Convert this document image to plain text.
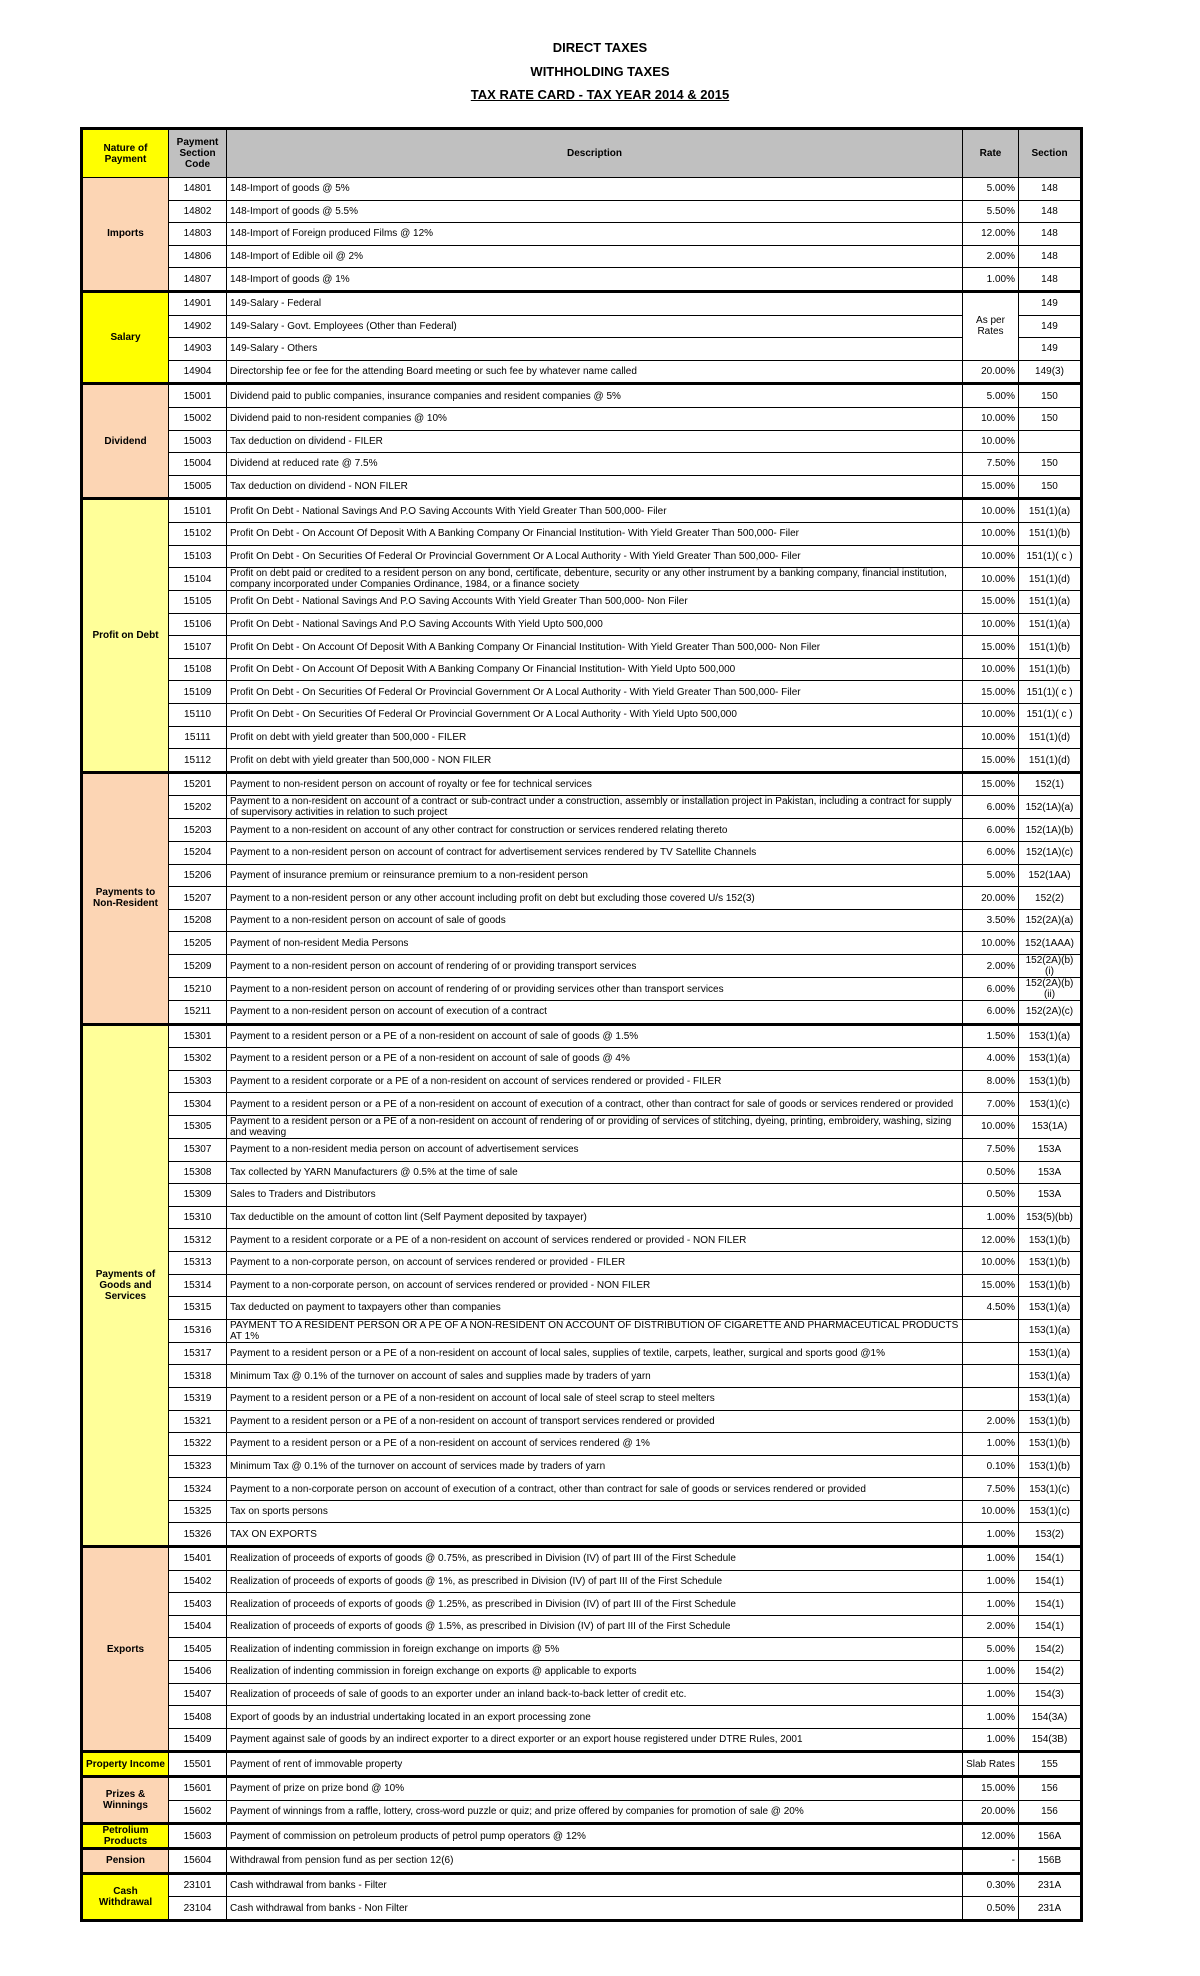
DIRECT TAXES
WITHHOLDING TAXES
TAX RATE CARD - TAX YEAR 2014 & 2015
Nature of Payment	Payment Section Code	Description	Rate	Section
Imports	14801	148-Import of goods @ 5%	5.00%	148
	14802	148-Import of goods @ 5.5%	5.50%	148
	14803	148-Import of Foreign produced Films @ 12%	12.00%	148
	14806	148-Import of Edible oil @ 2%	2.00%	148
	14807	148-Import of goods @ 1%	1.00%	148
Salary	14901	149-Salary - Federal	As per Rates	149
	14902	149-Salary - Govt. Employees (Other than Federal)		149
	14903	149-Salary - Others		149
	14904	Directorship fee or fee for the attending Board meeting or such fee by whatever name called	20.00%	149(3)
Dividend	15001	Dividend paid to public companies, insurance companies and resident companies @ 5%	5.00%	150
	15002	Dividend paid to non-resident companies @ 10%	10.00%	150
	15003	Tax deduction on dividend - FILER	10.00%	
	15004	Dividend at reduced rate @ 7.5%	7.50%	150
	15005	Tax deduction on dividend - NON FILER	15.00%	150
Profit on Debt	15101	Profit On Debt - National Savings And P.O Saving Accounts With Yield Greater Than 500,000- Filer	10.00%	151(1)(a)
	15102	Profit On Debt - On Account Of Deposit With A Banking Company Or Financial Institution- With Yield Greater Than 500,000- Filer	10.00%	151(1)(b)
	15103	Profit On Debt - On Securities Of Federal Or Provincial Government Or A Local Authority - With Yield Greater Than 500,000- Filer	10.00%	151(1)( c )
	15104	Profit on debt paid or credited to a resident person on any bond, certificate, debenture, security or any other instrument by a banking company, financial institution, company incorporated under Companies Ordinance, 1984, or a finance society	10.00%	151(1)(d)
	15105	Profit On Debt - National Savings And P.O Saving Accounts With Yield Greater Than 500,000- Non Filer	15.00%	151(1)(a)
	15106	Profit On Debt - National Savings And P.O Saving Accounts With Yield Upto 500,000	10.00%	151(1)(a)
	15107	Profit On Debt - On Account Of Deposit With A Banking Company Or Financial Institution- With Yield Greater Than 500,000- Non Filer	15.00%	151(1)(b)
	15108	Profit On Debt - On Account Of Deposit With A Banking Company Or Financial Institution- With Yield Upto 500,000	10.00%	151(1)(b)
	15109	Profit On Debt - On Securities Of Federal Or Provincial Government Or A Local Authority - With Yield Greater Than 500,000- Filer	15.00%	151(1)( c )
	15110	Profit On Debt - On Securities Of Federal Or Provincial Government Or A Local Authority - With Yield Upto 500,000	10.00%	151(1)( c )
	15111	Profit on debt with yield greater than 500,000 - FILER	10.00%	151(1)(d)
	15112	Profit on debt with yield greater than 500,000 - NON FILER	15.00%	151(1)(d)
Payments to Non-Resident	15201	Payment to non-resident person on account of royalty or fee for technical services	15.00%	152(1)
	15202	Payment to a non-resident on account of a contract or sub-contract under a construction, assembly or installation project in Pakistan, including a contract for supply of supervisory activities in relation to such project	6.00%	152(1A)(a)
	15203	Payment to a non-resident on account of any other contract for construction or services rendered relating thereto	6.00%	152(1A)(b)
	15204	Payment to a non-resident person on account of contract for advertisement services rendered by TV Satellite Channels	6.00%	152(1A)(c)
	15206	Payment of insurance premium or reinsurance premium to a non-resident person	5.00%	152(1AA)
	15207	Payment to a non-resident person or any other account including profit on debt but excluding those covered U/s 152(3)	20.00%	152(2)
	15208	Payment to a non-resident person on account of sale of goods	3.50%	152(2A)(a)
	15205	Payment of non-resident Media Persons	10.00%	152(1AAA)
	15209	Payment to a non-resident person on account of rendering of or providing transport services	2.00%	152(2A)(b)(i)
	15210	Payment to a non-resident person on account of rendering of or providing services other than transport services	6.00%	152(2A)(b)(ii)
	15211	Payment to a non-resident person on account of execution of a contract	6.00%	152(2A)(c)
Payments of Goods and Services	15301	Payment to a resident person or a PE of a non-resident on account of sale of goods @ 1.5%	1.50%	153(1)(a)
	15302	Payment to a resident person or a PE of a non-resident on account of sale of goods @ 4%	4.00%	153(1)(a)
	15303	Payment to a resident corporate or a PE of a non-resident on account of services rendered or provided - FILER	8.00%	153(1)(b)
	15304	Payment to a resident person or a PE of a non-resident on account of execution of a contract, other than contract for sale of goods or services rendered or provided	7.00%	153(1)(c)
	15305	Payment to a resident person or a PE of a non-resident on account of rendering of or providing of services of stitching, dyeing, printing, embroidery, washing, sizing and weaving	10.00%	153(1A)
	15307	Payment to a non-resident media person on account of advertisement services	7.50%	153A
	15308	Tax collected by YARN Manufacturers @ 0.5% at the time of sale	0.50%	153A
	15309	Sales to Traders and Distributors	0.50%	153A
	15310	Tax deductible on the amount of cotton lint (Self Payment deposited by taxpayer)	1.00%	153(5)(bb)
	15312	Payment to a resident corporate or a PE of a non-resident on account of services rendered or provided - NON FILER	12.00%	153(1)(b)
	15313	Payment to a non-corporate person, on account of services rendered or provided - FILER	10.00%	153(1)(b)
	15314	Payment to a non-corporate person, on account of services rendered or provided - NON FILER	15.00%	153(1)(b)
	15315	Tax deducted on payment to taxpayers other than companies	4.50%	153(1)(a)
	15316	PAYMENT TO A RESIDENT PERSON OR A PE OF A NON-RESIDENT ON ACCOUNT OF DISTRIBUTION OF CIGARETTE AND PHARMACEUTICAL PRODUCTS AT 1%		153(1)(a)
	15317	Payment to a resident person or a PE of a non-resident on account of local sales, supplies of textile, carpets, leather, surgical and sports good @1%		153(1)(a)
	15318	Minimum Tax @ 0.1% of the turnover on account of sales and supplies made by traders of yarn		153(1)(a)
	15319	Payment to a resident person or a PE of a non-resident on account of local sale of steel scrap to steel melters		153(1)(a)
	15321	Payment to a resident person or a PE of a non-resident on account of transport services rendered or provided	2.00%	153(1)(b)
	15322	Payment to a resident person or a PE of a non-resident on account of services rendered @ 1%	1.00%	153(1)(b)
	15323	Minimum Tax @ 0.1% of the turnover on account of services made by traders of yarn	0.10%	153(1)(b)
	15324	Payment to a non-corporate person on account of execution of a contract, other than contract for sale of goods or services rendered or provided	7.50%	153(1)(c)
	15325	Tax on sports persons	10.00%	153(1)(c)
	15326	TAX ON EXPORTS	1.00%	153(2)
Exports	15401	Realization of proceeds of exports of goods @ 0.75%, as prescribed in Division (IV) of part III of the First Schedule	1.00%	154(1)
	15402	Realization of proceeds of exports of goods @ 1%, as prescribed in Division (IV) of part III of the First Schedule	1.00%	154(1)
	15403	Realization of proceeds of exports of goods @ 1.25%, as prescribed in Division (IV) of part III of the First Schedule	1.00%	154(1)
	15404	Realization of proceeds of exports of goods @ 1.5%, as prescribed in Division (IV) of part III of the First Schedule	2.00%	154(1)
	15405	Realization of indenting commission in foreign exchange on imports @ 5%	5.00%	154(2)
	15406	Realization of indenting commission in foreign exchange on exports @ applicable to exports	1.00%	154(2)
	15407	Realization of proceeds of sale of goods to an exporter under an inland back-to-back letter of credit etc.	1.00%	154(3)
	15408	Export of goods by an industrial undertaking located in an export processing zone	1.00%	154(3A)
	15409	Payment against sale of goods by an indirect exporter to a direct exporter or an export house registered under DTRE Rules, 2001	1.00%	154(3B)
Property Income	15501	Payment of rent of immovable property	Slab Rates	155
Prizes & Winnings	15601	Payment of prize on prize bond @ 10%	15.00%	156
	15602	Payment of winnings from a raffle, lottery, cross-word puzzle or quiz; and prize offered by companies for promotion of sale @ 20%	20.00%	156
Petrolium Products	15603	Payment of commission on petroleum products of petrol pump operators @ 12%	12.00%	156A
Pension	15604	Withdrawal from pension fund as per section 12(6)	-	156B
Cash Withdrawal	23101	Cash withdrawal from banks - Filter	0.30%	231A
	23104	Cash withdrawal from banks - Non Filter	0.50%	231A
